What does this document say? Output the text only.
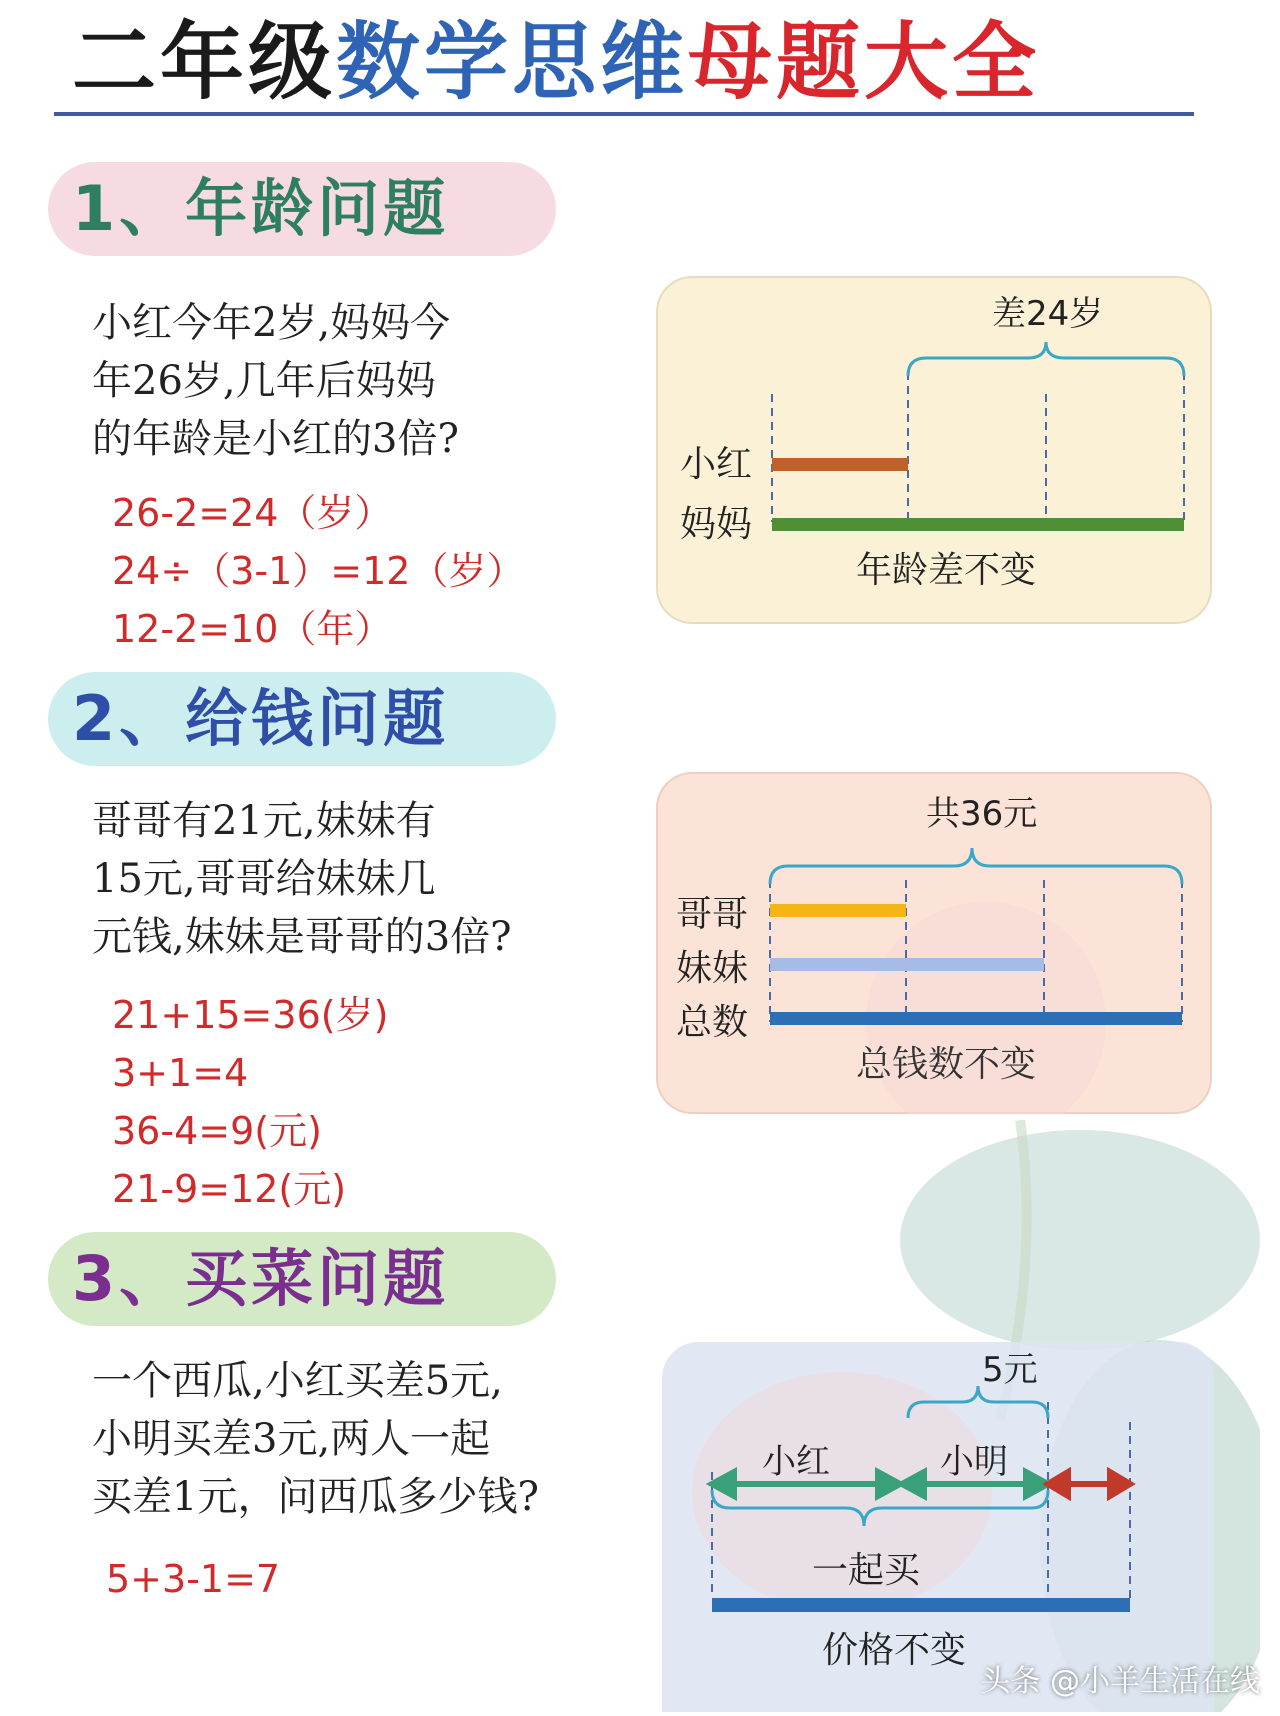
二年级数学思维母题大全
1、年龄问题
小红今年2岁,妈妈今
年26岁,几年后妈妈
的年龄是小红的3倍?
26-2=24（岁）
24÷（3-1）=12（岁）
12-2=10（年）
差24岁
小红
妈妈
年龄差不变
2、给钱问题
哥哥有21元,妹妹有
15元,哥哥给妹妹几
元钱,妹妹是哥哥的3倍?
21+15=36(岁)
3+1=4
36-4=9(元)
21-9=12(元)
共36元
哥哥
妹妹
总数
总钱数不变
3、买菜问题
一个西瓜,小红买差5元,
小明买差3元,两人一起
买差1元，问西瓜多少钱?
5+3-1=7
5元
小红	小明
一起买
价格不变
头条 @小羊生活在线
